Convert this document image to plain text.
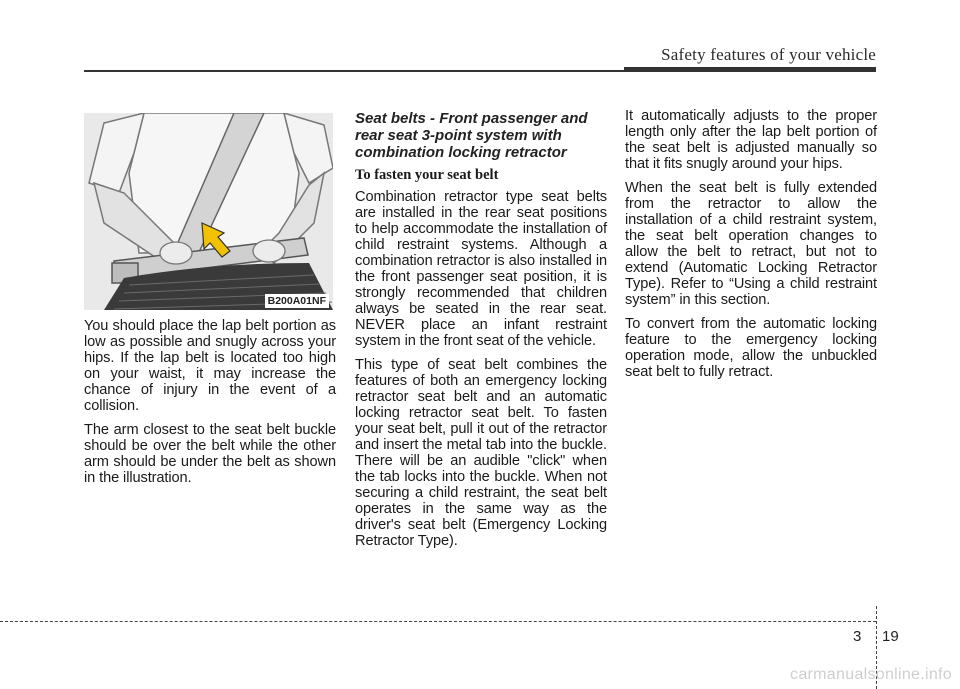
Safety features of your vehicle
B200A01NF

You should place the lap belt portion as low as possible and snugly across your hips. If the lap belt is located too high on your waist, it may increase the chance of injury in the event of a collision.

The arm closest to the seat belt buckle should be over the belt while the other arm should be under the belt as shown in the illustration.

Seat belts - Front passenger and rear seat 3-point system with combination locking retractor
To fasten your seat belt

Combination retractor type seat belts are installed in the rear seat positions to help accommodate the installation of child restraint systems. Although a combination retractor is also installed in the front passenger seat position, it is strongly recommended that children always be seated in the rear seat. NEVER place an infant restraint system in the front seat of the vehicle.

This type of seat belt combines the features of both an emergency locking retractor seat belt and an automatic locking retractor seat belt. To fasten your seat belt, pull it out of the retractor and insert the metal tab into the buckle. There will be an audible "click" when the tab locks into the buckle. When not securing a child restraint, the seat belt operates in the same way as the driver's seat belt (Emergency Locking Retractor Type).

It automatically adjusts to the proper length only after the lap belt portion of the seat belt is adjusted manually so that it fits snugly around your hips.

When the seat belt is fully extended from the retractor to allow the installation of a child restraint system, the seat belt operation changes to allow the belt to retract, but not to extend (Automatic Locking Retractor Type). Refer to “Using a child restraint system” in this section.

To convert from the automatic locking feature to the emergency locking operation mode, allow the unbuckled seat belt to fully retract.

3 19
carmanualsonline.info
